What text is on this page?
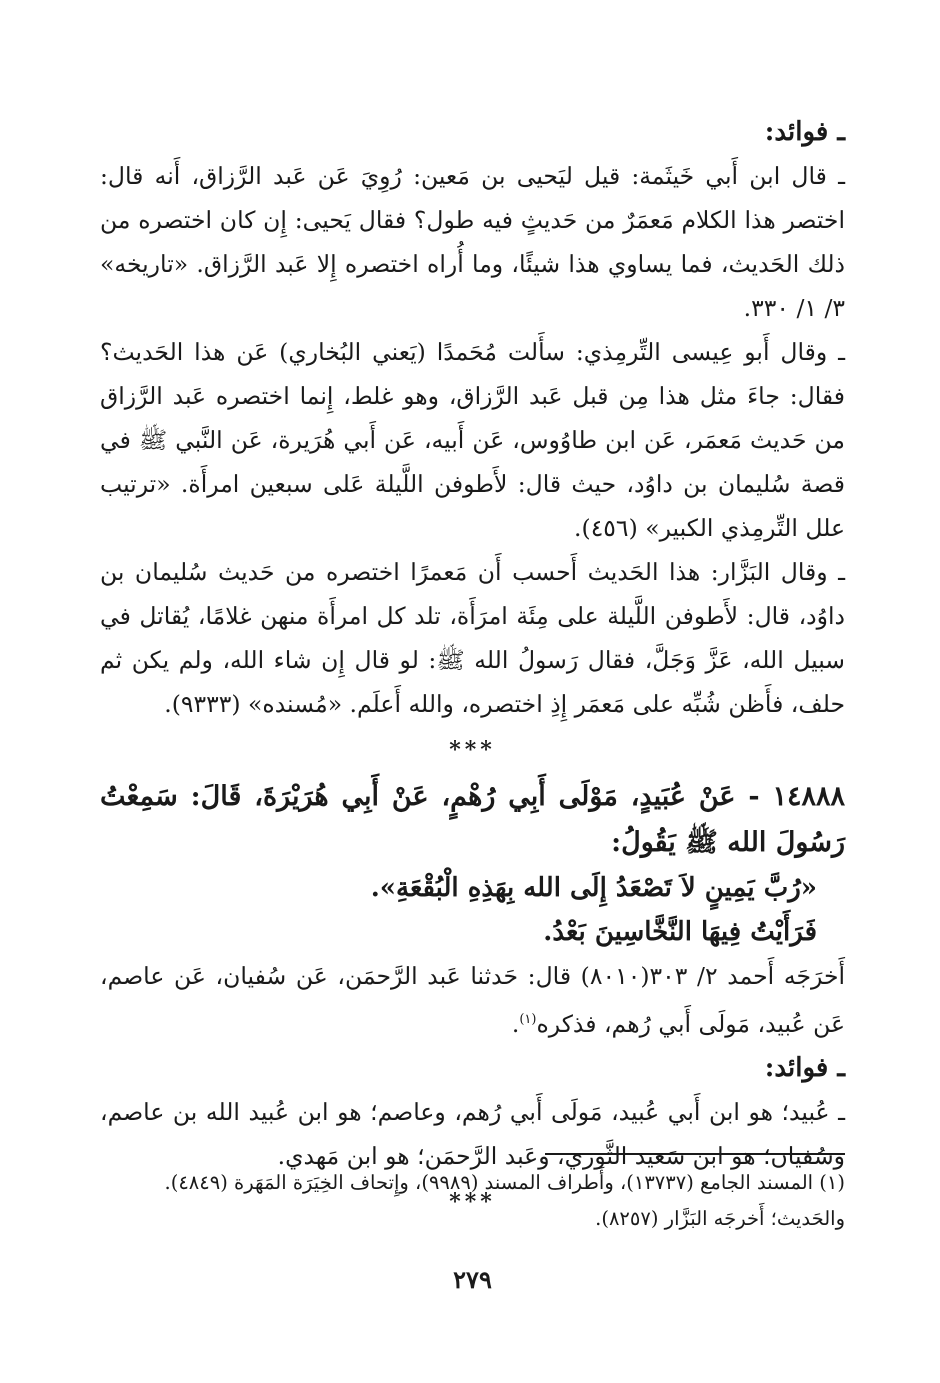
ـ فوائد:

ـ قال ابن أَبي خَيثَمة: قيل ليَحيى بن مَعين: رُوِيَ عَن عَبد الرَّزاق، أَنه قال: اختصر هذا الكلام مَعمَرٌ من حَديثٍ فيه طول؟ فقال يَحيى: إِن كان اختصره من ذلك الحَديث، فما يساوي هذا شيئًا، وما أُراه اختصره إِلا عَبد الرَّزاق. «تاريخه» ٣/ ١/ ٣٣٠.

ـ وقال أَبو عِيسى التِّرمِذي: سأَلت مُحَمدًا (يَعني البُخاري) عَن هذا الحَديث؟ فقال: جاءَ مثل هذا مِن قبل عَبد الرَّزاق، وهو غلط، إِنما اختصره عَبد الرَّزاق من حَديث مَعمَر، عَن ابن طاوُوس، عَن أَبيه، عَن أَبي هُرَيرة، عَن النَّبي ﷺ في قصة سُليمان بن داوُد، حيث قال: لأَطوفن اللَّيلة عَلى سبعين امرأَة. «ترتيب علل التِّرمِذي الكبير» (٤٥٦).

ـ وقال البَزَّار: هذا الحَديث أَحسب أَن مَعمرًا اختصره من حَديث سُليمان بن داوُد، قال: لأَطوفن اللَّيلة على مِئَة امرَأَة، تلد كل امرأَة منهن غلامًا، يُقاتل في سبيل الله، عَزَّ وَجَلَّ، فقال رَسولُ الله ﷺ: لو قال إِن شاء الله، ولم يكن ثم حلف، فأَظن شُبِّه على مَعمَر إِذِ اختصره، والله أَعلَم. «مُسنده» (٩٣٣٣).

***

١٤٨٨٨ - عَنْ عُبَيدٍ، مَوْلَى أَبِي رُهْمٍ، عَنْ أَبِي هُرَيْرَةَ، قَالَ: سَمِعْتُ رَسُولَ الله ﷺ يَقُولُ:

«رُبَّ يَمِينٍ لاَ تَصْعَدُ إِلَى الله بِهَذِهِ الْبُقْعَةِ».

فَرَأَيْتُ فِيهَا النَّخَّاسِينَ بَعْدُ.

أَخرَجَه أَحمد ٢/ ٣٠٣(٨٠١٠) قال: حَدثنا عَبد الرَّحمَن، عَن سُفيان، عَن عاصم، عَن عُبيد، مَولَى أَبي رُهم، فذكره$^{(١)}$.

ـ فوائد:

ـ عُبيد؛ هو ابن أَبي عُبيد، مَولَى أَبي رُهم، وعاصم؛ هو ابن عُبيد الله بن عاصم، وسُفيان؛ هو ابن سَعيد الثَّوري، وعَبد الرَّحمَن؛ هو ابن مَهدي.

***

(١) المسند الجامع (١٣٧٣٧)، وأَطراف المسند (٩٩٨٩)، وإِتحاف الخِيَرَة المَهَرة (٤٨٤٩).

والحَديث؛ أَخرجَه البَزَّار (٨٢٥٧).

٢٧٩
